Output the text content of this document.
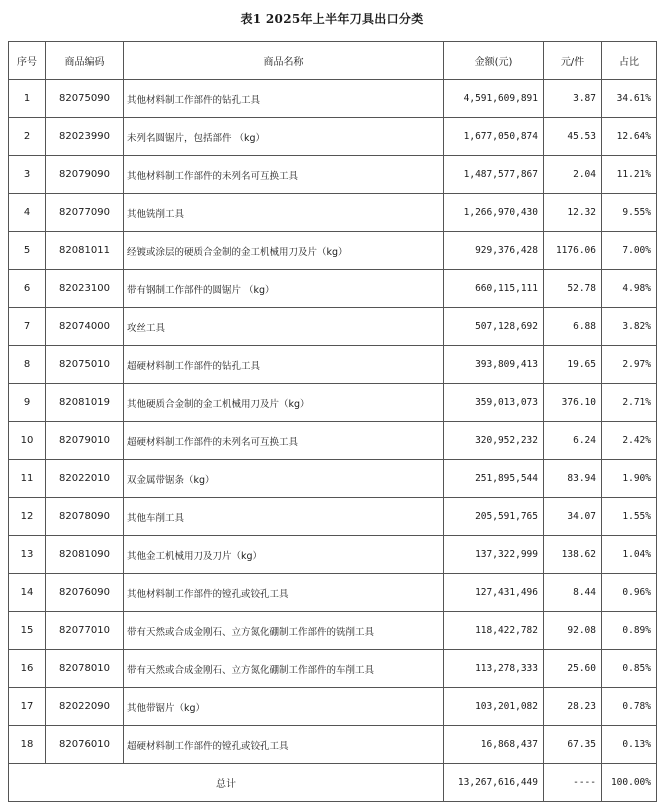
表1 2025年上半年刀具出口分类
序号	商品编码	商品名称	金额(元)	元/件	占比
1	82075090	其他材料制工作部件的钻孔工具	4,591,609,891	3.87	34.61%
2	82023990	未列名圆锯片，包括部件 （kg）	1,677,050,874	45.53	12.64%
3	82079090	其他材料制工作部件的未列名可互换工具	1,487,577,867	2.04	11.21%
4	82077090	其他铣削工具	1,266,970,430	12.32	9.55%
5	82081011	经镀或涂层的硬质合金制的金工机械用刀及片（kg）	929,376,428	1176.06	7.00%
6	82023100	带有钢制工作部件的圆锯片 （kg）	660,115,111	52.78	4.98%
7	82074000	攻丝工具	507,128,692	6.88	3.82%
8	82075010	超硬材料制工作部件的钻孔工具	393,809,413	19.65	2.97%
9	82081019	其他硬质合金制的金工机械用刀及片（kg）	359,013,073	376.10	2.71%
10	82079010	超硬材料制工作部件的未列名可互换工具	320,952,232	6.24	2.42%
11	82022010	双金属带锯条（kg）	251,895,544	83.94	1.90%
12	82078090	其他车削工具	205,591,765	34.07	1.55%
13	82081090	其他金工机械用刀及刀片（kg）	137,322,999	138.62	1.04%
14	82076090	其他材料制工作部件的镗孔或铰孔工具	127,431,496	8.44	0.96%
15	82077010	带有天然或合成金刚石、立方氮化硼制工作部件的铣削工具	118,422,782	92.08	0.89%
16	82078010	带有天然或合成金刚石、立方氮化硼制工作部件的车削工具	113,278,333	25.60	0.85%
17	82022090	其他带锯片（kg）	103,201,082	28.23	0.78%
18	82076010	超硬材料制工作部件的镗孔或铰孔工具	16,868,437	67.35	0.13%
总计			13,267,616,449	----	100.00%
